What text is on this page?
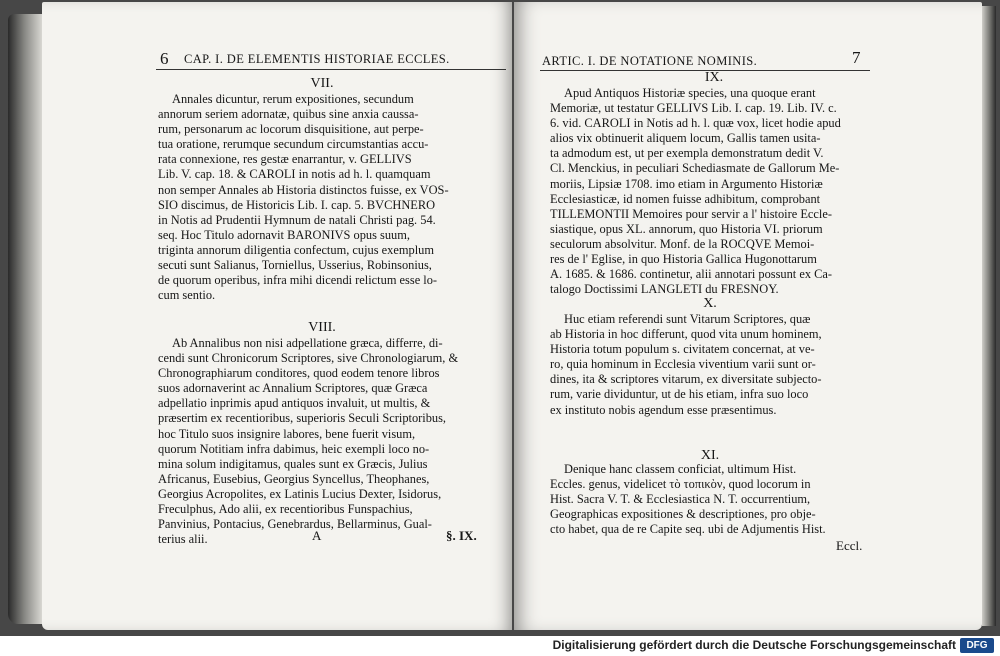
6 CAP. I. DE ELEMENTIS HISTORIAE ECCLES.
VII.
Annales dicuntur, rerum expositiones, secundum
annorum seriem adornatæ, quibus sine anxia caussa-
rum, personarum ac locorum disquisitione, aut perpe-
tua oratione, rerumque secundum circumstantias accu-
rata connexione, res gestæ enarrantur, v. GELLIVS
Lib. V. cap. 18. & CAROLI in notis ad h. l. quamquam
non semper Annales ab Historia distinctos fuisse, ex VOS-
SIO discimus, de Historicis Lib. I. cap. 5. BVCHNERO
in Notis ad Prudentii Hymnum de natali Christi pag. 54.
seq. Hoc Titulo adornavit BARONIVS opus suum,
triginta annorum diligentia confectum, cujus exemplum
secuti sunt Salianus, Torniellus, Usserius, Robinsonius,
de quorum operibus, infra mihi dicendi relictum esse lo-
cum sentio.
VIII.
Ab Annalibus non nisi adpellatione græca, differre, di-
cendi sunt Chronicorum Scriptores, sive Chronologiarum, &
Chronographiarum conditores, quod eodem tenore libros
suos adornaverint ac Annalium Scriptores, quæ Græca
adpellatio inprimis apud antiquos invaluit, ut multis, &
præsertim ex recentioribus, superioris Seculi Scriptoribus,
hoc Titulo suos insignire labores, bene fuerit visum,
quorum Notitiam infra dabimus, heic exempli loco no-
mina solum indigitamus, quales sunt ex Græcis, Julius
Africanus, Eusebius, Georgius Syncellus, Theophanes,
Georgius Acropolites, ex Latinis Lucius Dexter, Isidorus,
Freculphus, Ado alii, ex recentioribus Funspachius,
Panvinius, Pontacius, Genebrardus, Bellarminus, Gual-
terius alii.	A	§. IX.
ARTIC. I. DE NOTATIONE NOMINIS.	7
IX.
Apud Antiquos Historiæ species, una quoque erant
Memoriæ, ut testatur GELLIVS Lib. I. cap. 19. Lib. IV. c.
6. vid. CAROLI in Notis ad h. l. quæ vox, licet hodie apud
alios vix obtinuerit aliquem locum, Gallis tamen usita-
ta admodum est, ut per exempla demonstratum dedit V.
Cl. Menckius, in peculiari Schediasmate de Gallorum Me-
moriis, Lipsiæ 1708. imo etiam in Argumento Historiæ
Ecclesiasticæ, id nomen fuisse adhibitum, comprobant
TILLEMONTII Memoires pour servir a l' histoire Eccle-
siastique, opus XL. annorum, quo Historia VI. priorum
seculorum absolvitur. Monf. de la ROCQVE Memoi-
res de l' Eglise, in quo Historia Gallica Hugonottarum
A. 1685. & 1686. continetur, alii annotari possunt ex Ca-
talogo Doctissimi LANGLETI du FRESNOY.
X.
Huc etiam referendi sunt Vitarum Scriptores, quæ
ab Historia in hoc differunt, quod vita unum hominem,
Historia totum populum s. civitatem concernat, at ve-
ro, quia hominum in Ecclesia viventium varii sunt or-
dines, ita & scriptores vitarum, ex diversitate subjecto-
rum, varie dividuntur, ut de his etiam, infra suo loco
ex instituto nobis agendum esse præsentimus.
XI.
Denique hanc classem conficiat, ultimum Hist.
Eccles. genus, videlicet τὸ τοπικὸν, quod locorum in
Hist. Sacra V. T. & Ecclesiastica N. T. occurrentium,
Geographicas expositiones & descriptiones, pro obje-
cto habet, qua de re Capite seq. ubi de Adjumentis Hist.
Eccl.
Digitalisierung gefördert durch die Deutsche Forschungsgemeinschaft	DFG
